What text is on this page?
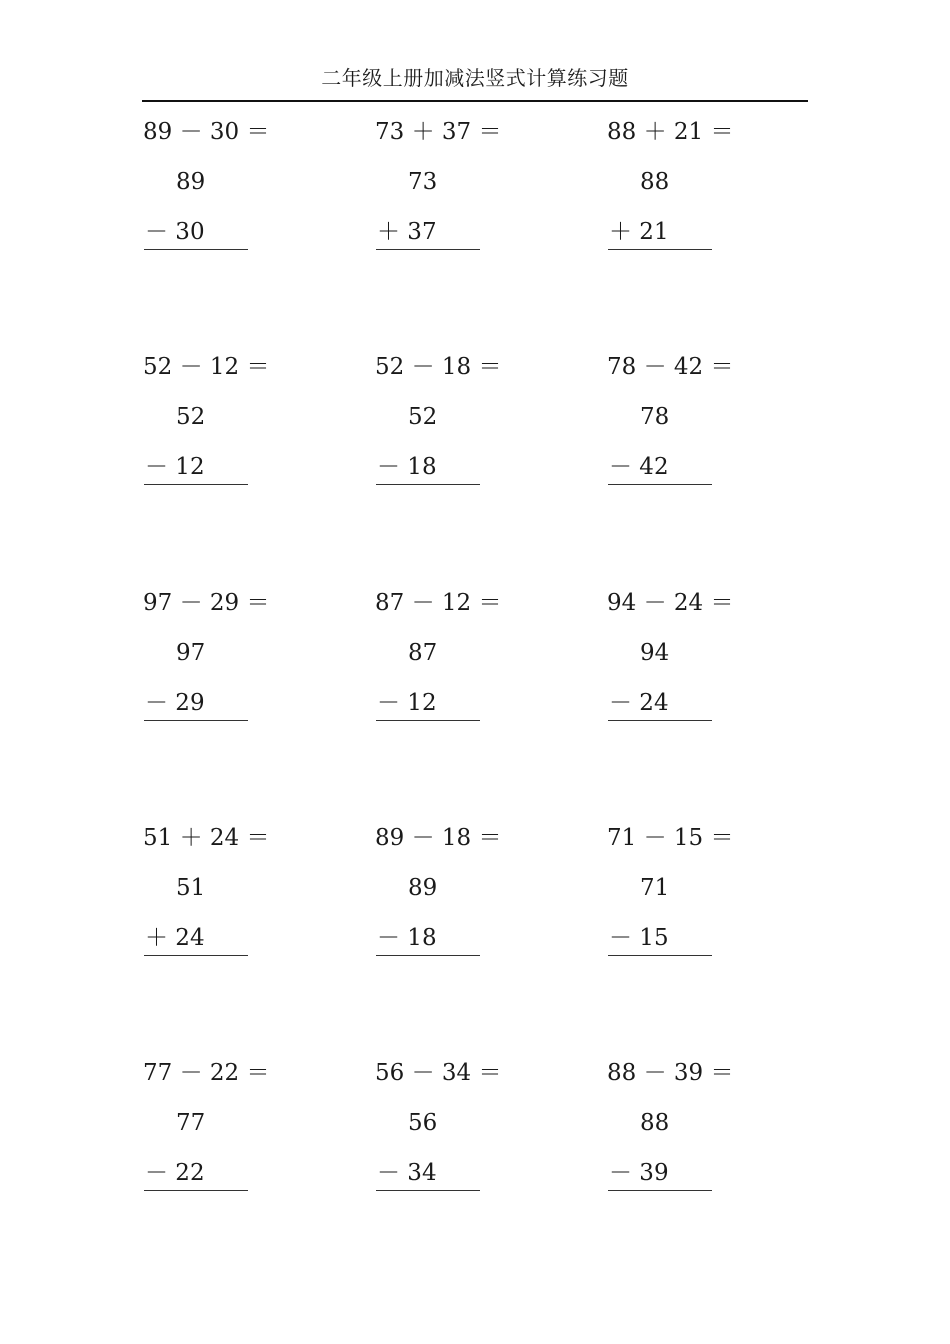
二年级上册加减法竖式计算练习题
89 － 30 ＝
89
－ 30
73 ＋ 37 ＝
73
＋ 37
88 ＋ 21 ＝
88
＋ 21
52 － 12 ＝
52
－ 12
52 － 18 ＝
52
－ 18
78 － 42 ＝
78
－ 42
97 － 29 ＝
97
－ 29
87 － 12 ＝
87
－ 12
94 － 24 ＝
94
－ 24
51 ＋ 24 ＝
51
＋ 24
89 － 18 ＝
89
－ 18
71 － 15 ＝
71
－ 15
77 － 22 ＝
77
－ 22
56 － 34 ＝
56
－ 34
88 － 39 ＝
88
－ 39
